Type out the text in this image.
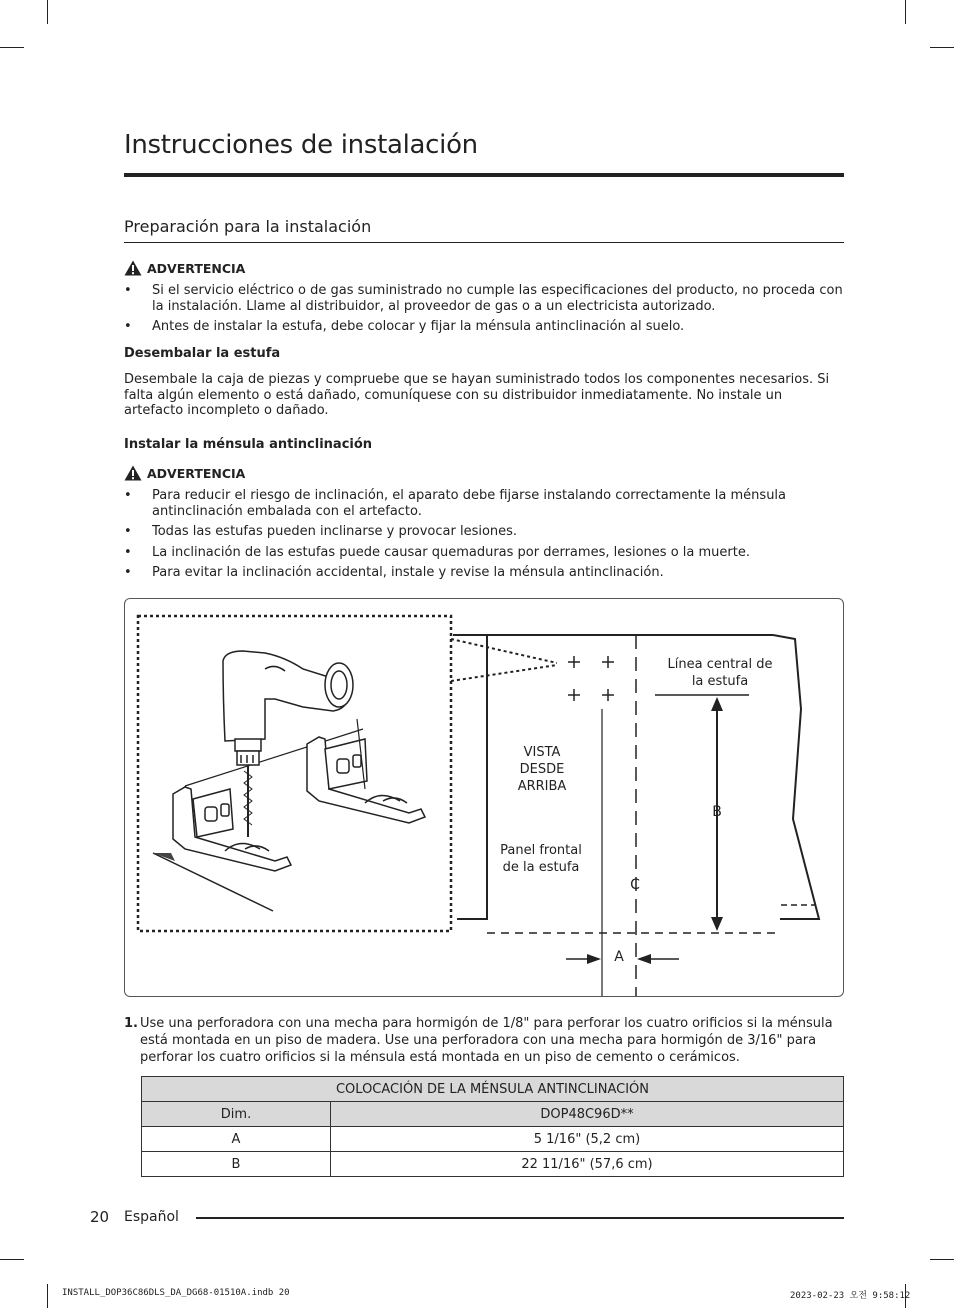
Instrucciones de instalación
Preparación para la instalación
ADVERTENCIA
• Si el servicio eléctrico o de gas suministrado no cumple las especificaciones del producto, no proceda con la instalación. Llame al distribuidor, al proveedor de gas o a un electricista autorizado.
• Antes de instalar la estufa, debe colocar y fijar la ménsula antinclinación al suelo.
Desembalar la estufa

Desembale la caja de piezas y compruebe que se hayan suministrado todos los componentes necesarios. Si falta algún elemento o está dañado, comuníquese con su distribuidor inmediatamente. No instale un artefacto incompleto o dañado.

Instalar la ménsula antinclinación
ADVERTENCIA
• Para reducir el riesgo de inclinación, el aparato debe fijarse instalando correctamente la ménsula antinclinación embalada con el artefacto.
• Todas las estufas pueden inclinarse y provocar lesiones.
• La inclinación de las estufas puede causar quemaduras por derrames, lesiones o la muerte.
• Para evitar la inclinación accidental, instale y revise la ménsula antinclinación.
Línea central de
la estufa
VISTA
DESDE
ARRIBA
Panel frontal
de la estufa
B
C
A

1. Use una perforadora con una mecha para hormigón de 1/8" para perforar los cuatro orificios si la ménsula está montada en un piso de madera. Use una perforadora con una mecha para hormigón de 3/16" para perforar los cuatro orificios si la ménsula está montada en un piso de cemento o cerámicos.

COLOCACIÓN DE LA MÉNSULA ANTINCLINACIÓN	
Dim.	DOP48C96D**
A	5 1/16" (5,2 cm)
B	22 11/16" (57,6 cm)
20 Español
INSTALL_DOP36C86DLS_DA_DG68-01510A.indb 20	2023-02-23 오전 9:58:12
